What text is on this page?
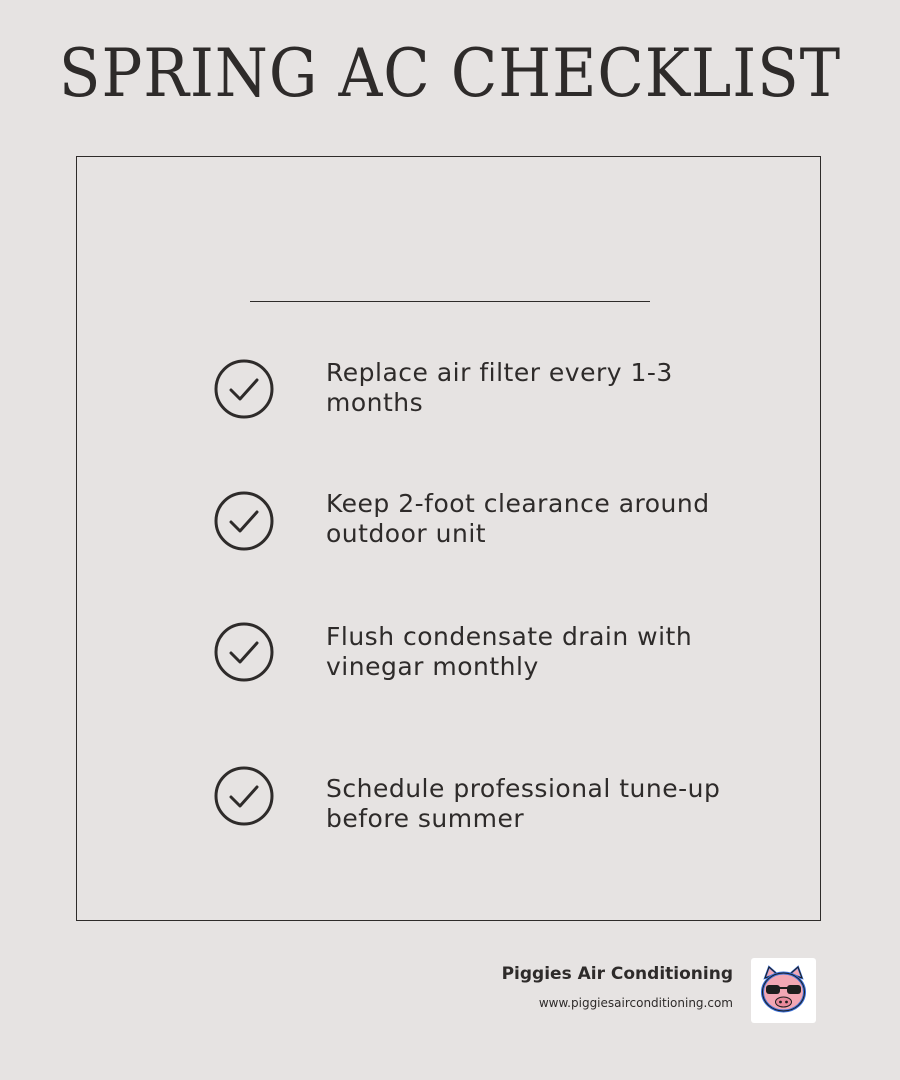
SPRING AC CHECKLIST
Replace air filter every 1-3 months
Keep 2-foot clearance around outdoor unit
Flush condensate drain with vinegar monthly
Schedule professional tune-up before summer
Piggies Air Conditioning
www.piggiesairconditioning.com
